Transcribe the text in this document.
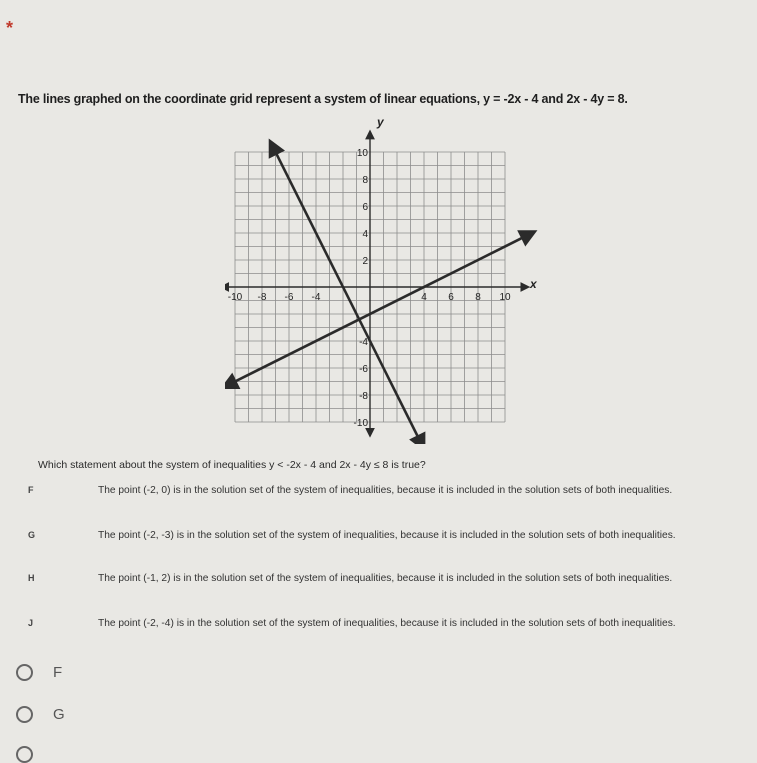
*
The lines graphed on the coordinate grid represent a system of linear equations, y = -2x - 4 and 2x - 4y = 8.
-10 -8 -6 -4	4 6 8 10
10
8
6
4
2
-4
-6
-8
-10
y
x
Which statement about the system of inequalities y < -2x - 4 and 2x - 4y ≤ 8 is true?
F	The point (-2, 0) is in the solution set of the system of inequalities, because it is included in the solution sets of both inequalities.
G	The point (-2, -3) is in the solution set of the system of inequalities, because it is included in the solution sets of both inequalities.
H	The point (-1, 2) is in the solution set of the system of inequalities, because it is included in the solution sets of both inequalities.
J	The point (-2, -4) is in the solution set of the system of inequalities, because it is included in the solution sets of both inequalities.
F
G
